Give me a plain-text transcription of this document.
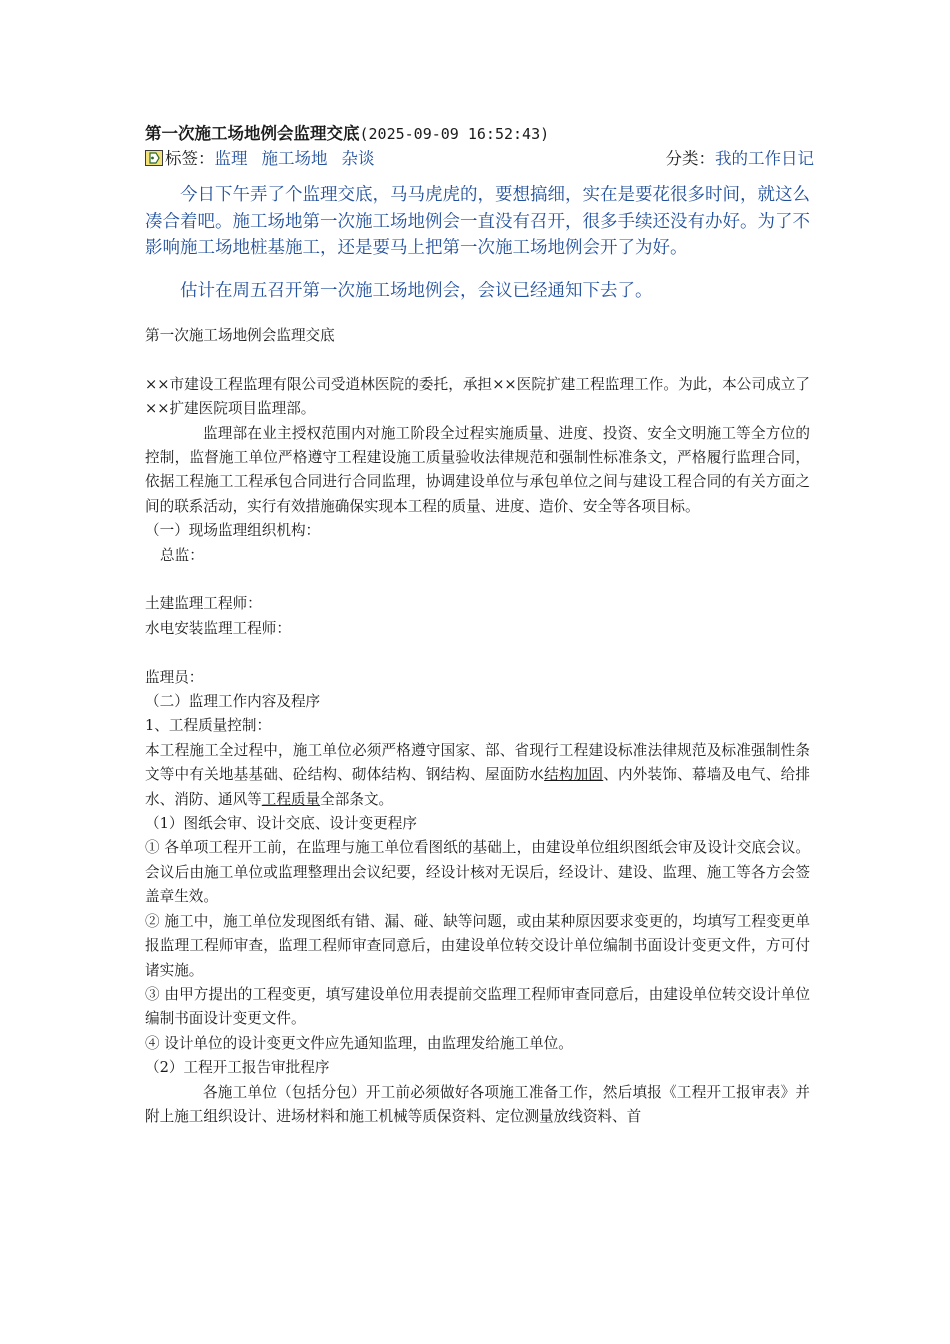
第一次施工场地例会监理交底(2025-09-09 16:52:43)
标签：监理 施工场地 杂谈	分类：我的工作日记

今日下午弄了个监理交底，马马虎虎的，要想搞细，实在是要花很多时间，就这么凑合着吧。施工场地第一次施工场地例会一直没有召开，很多手续还没有办好。为了不影响施工场地桩基施工，还是要马上把第一次施工场地例会开了为好。

估计在周五召开第一次施工场地例会，会议已经通知下去了。

第一次施工场地例会监理交底

××市建设工程监理有限公司受逍林医院的委托，承担××医院扩建工程监理工作。为此，本公司成立了××扩建医院项目监理部。

监理部在业主授权范围内对施工阶段全过程实施质量、进度、投资、安全文明施工等全方位的控制，监督施工单位严格遵守工程建设施工质量验收法律规范和强制性标准条文，严格履行监理合同，依据工程施工工程承包合同进行合同监理，协调建设单位与承包单位之间与建设工程合同的有关方面之间的联系活动，实行有效措施确保实现本工程的质量、进度、造价、安全等各项目标。

（一）现场监理组织机构：

总监：

土建监理工程师：

水电安装监理工程师：

监理员：

（二）监理工作内容及程序

1、工程质量控制：

本工程施工全过程中，施工单位必须严格遵守国家、部、省现行工程建设标准法律规范及标准强制性条文等中有关地基基础、砼结构、砌体结构、钢结构、屋面防水结构加固、内外装饰、幕墙及电气、给排水、消防、通风等工程质量全部条文。

（1）图纸会审、设计交底、设计变更程序

① 各单项工程开工前，在监理与施工单位看图纸的基础上，由建设单位组织图纸会审及设计交底会议。会议后由施工单位或监理整理出会议纪要，经设计核对无误后，经设计、建设、监理、施工等各方会签盖章生效。

② 施工中，施工单位发现图纸有错、漏、碰、缺等问题，或由某种原因要求变更的，均填写工程变更单报监理工程师审查，监理工程师审查同意后，由建设单位转交设计单位编制书面设计变更文件，方可付诸实施。

③ 由甲方提出的工程变更，填写建设单位用表提前交监理工程师审查同意后，由建设单位转交设计单位编制书面设计变更文件。

④ 设计单位的设计变更文件应先通知监理，由监理发给施工单位。

（2）工程开工报告审批程序

各施工单位（包括分包）开工前必须做好各项施工准备工作，然后填报《工程开工报审表》并附上施工组织设计、进场材料和施工机械等质保资料、定位测量放线资料、首
